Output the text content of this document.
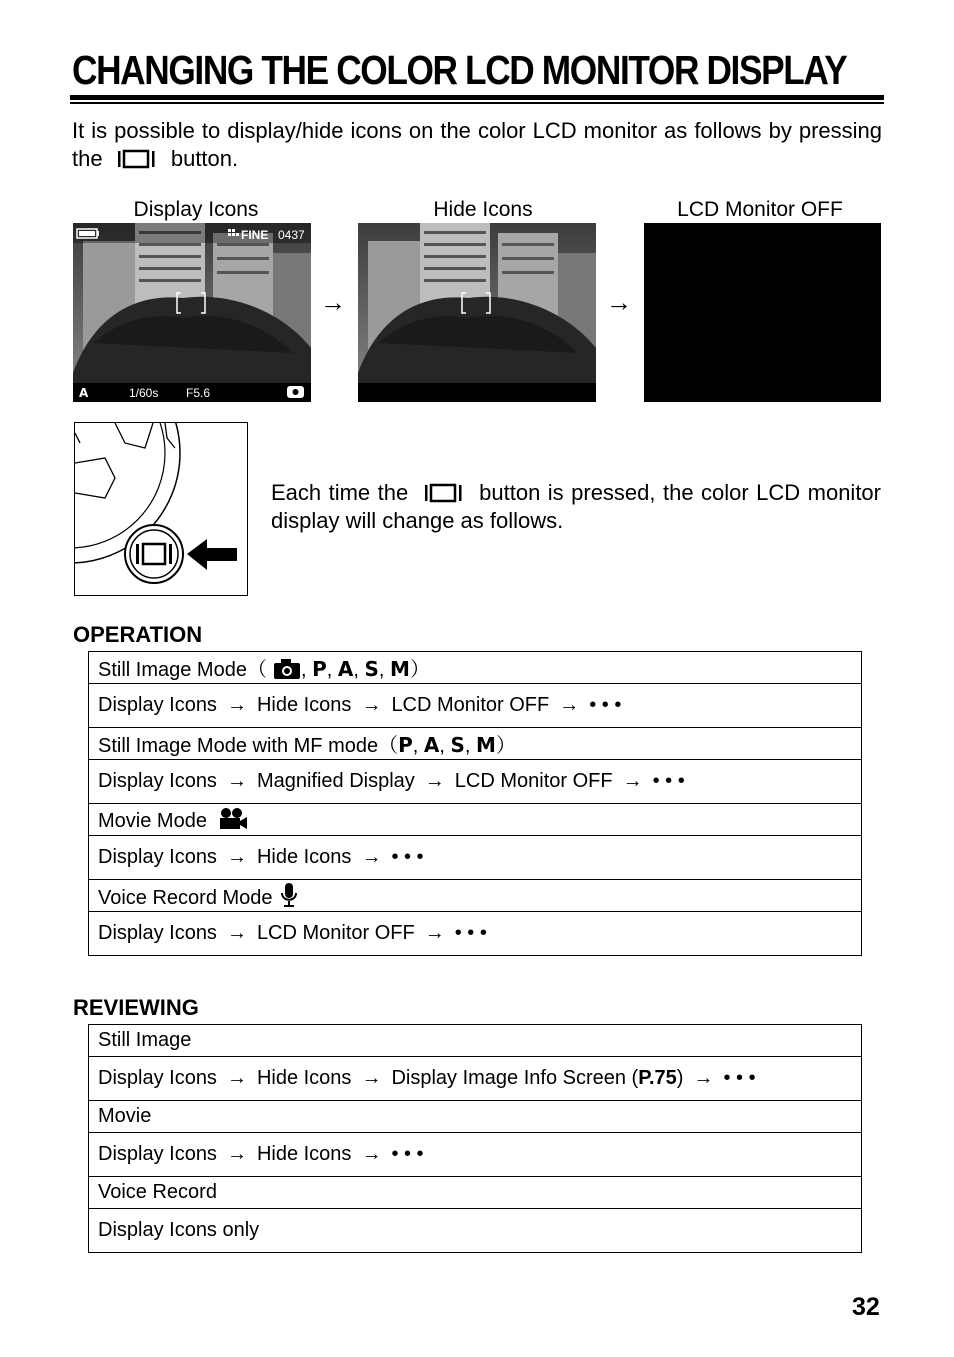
CHANGING THE COLOR LCD MONITOR DISPLAY
It is possible to display/hide icons on the color LCD monitor as follows by pressing the	button.
Display Icons	Hide Icons	LCD Monitor OFF
FINE 0437
A	1/60s F5.6
→	→
Each time the	button is pressed, the color LCD monitor display will change as follows.
OPERATION
Still Image Mode（ , P, A, S, M）
Display Icons → Hide Icons → LCD Monitor OFF → • • •
Still Image Mode with MF mode（P, A, S, M）
Display Icons → Magnified Display → LCD Monitor OFF → • • •
Movie Mode
Display Icons → Hide Icons → • • •
Voice Record Mode
Display Icons → LCD Monitor OFF → • • •
REVIEWING
Still Image
Display Icons → Hide Icons → Display Image Info Screen (P.75) → • • •
Movie
Display Icons → Hide Icons → • • •
Voice Record
Display Icons only
32
